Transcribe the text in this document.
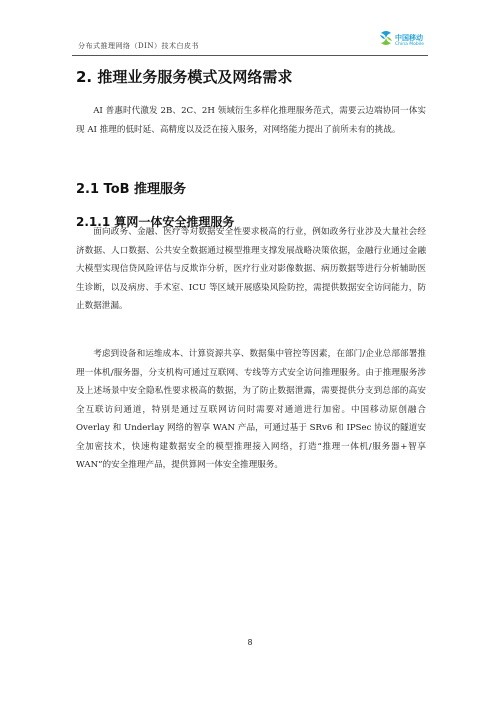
分布式推理网络（DIN）技术白皮书
中国移动
China Mobile
2. 推理业务服务模式及网络需求

AI 普惠时代激发 2B、2C、2H 领域衍生多样化推理服务范式，需要云边端协同一体实现 AI 推理的低时延、高精度以及泛在接入服务，对网络能力提出了前所未有的挑战。

2.1 ToB 推理服务
2.1.1 算网一体安全推理服务

面向政务、金融、医疗等对数据安全性要求极高的行业，例如政务行业涉及大量社会经济数据、人口数据、公共安全数据通过模型推理支撑发展战略决策依据，金融行业通过金融大模型实现信贷风险评估与反欺诈分析，医疗行业对影像数据、病历数据等进行分析辅助医生诊断，以及病房、手术室、ICU 等区域开展感染风险防控，需提供数据安全访问能力，防止数据泄漏。

考虑到设备和运维成本、计算资源共享、数据集中管控等因素，在部门/企业总部部署推理一体机/服务器，分支机构可通过互联网、专线等方式安全访问推理服务。由于推理服务涉及上述场景中安全隐私性要求极高的数据，为了防止数据泄露，需要提供分支到总部的高安全互联访问通道，特别是通过互联网访问时需要对通道进行加密。中国移动原创融合 Overlay 和 Underlay 网络的智享 WAN 产品，可通过基于 SRv6 和 IPSec 协议的隧道安全加密技术，快速构建数据安全的模型推理接入网络，打造“推理一体机/服务器+智享 WAN”的安全推理产品，提供算网一体安全推理服务。

8
